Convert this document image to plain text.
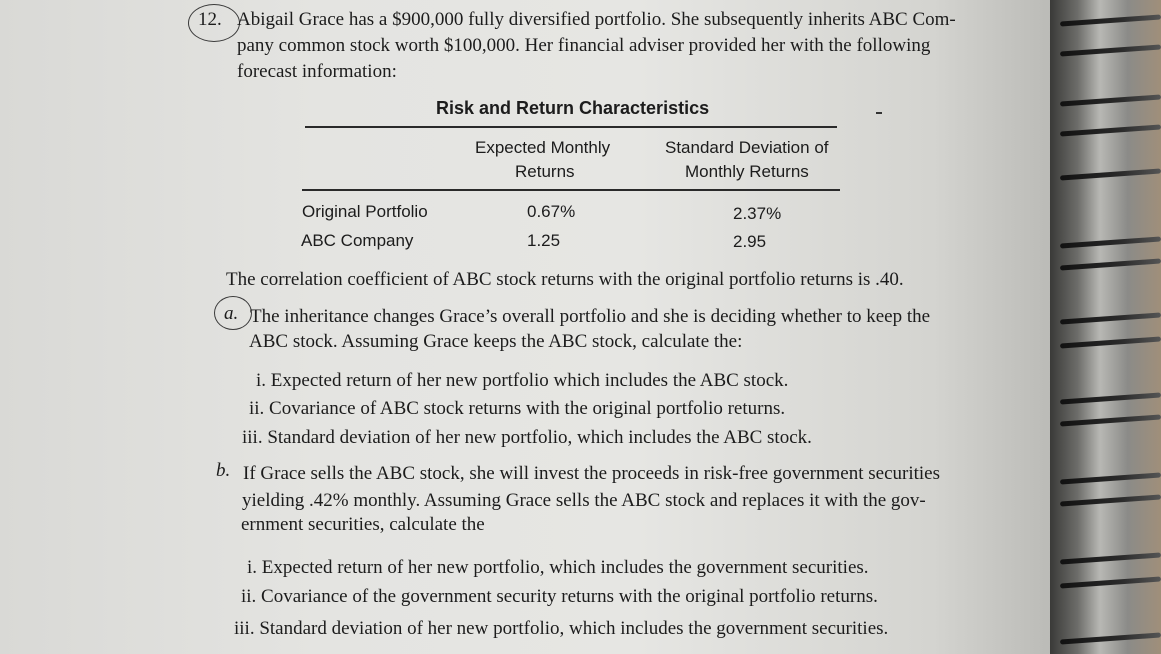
12. Abigail Grace has a $900,000 fully diversified portfolio. She subsequently inherits ABC Com-
pany common stock worth $100,000. Her financial adviser provided her with the following
forecast information:
Risk and Return Characteristics
Expected Monthly
Returns
Standard Deviation of
Monthly Returns
Original Portfolio	0.67%	2.37%
ABC Company	1.25	2.95
The correlation coefficient of ABC stock returns with the original portfolio returns is .40.
a. The inheritance changes Grace’s overall portfolio and she is deciding whether to keep the
ABC stock. Assuming Grace keeps the ABC stock, calculate the:
i. Expected return of her new portfolio which includes the ABC stock.
ii. Covariance of ABC stock returns with the original portfolio returns.
iii. Standard deviation of her new portfolio, which includes the ABC stock.
b. If Grace sells the ABC stock, she will invest the proceeds in risk-free government securities
yielding .42% monthly. Assuming Grace sells the ABC stock and replaces it with the gov-
ernment securities, calculate the
i. Expected return of her new portfolio, which includes the government securities.
ii. Covariance of the government security returns with the original portfolio returns.
iii. Standard deviation of her new portfolio, which includes the government securities.
